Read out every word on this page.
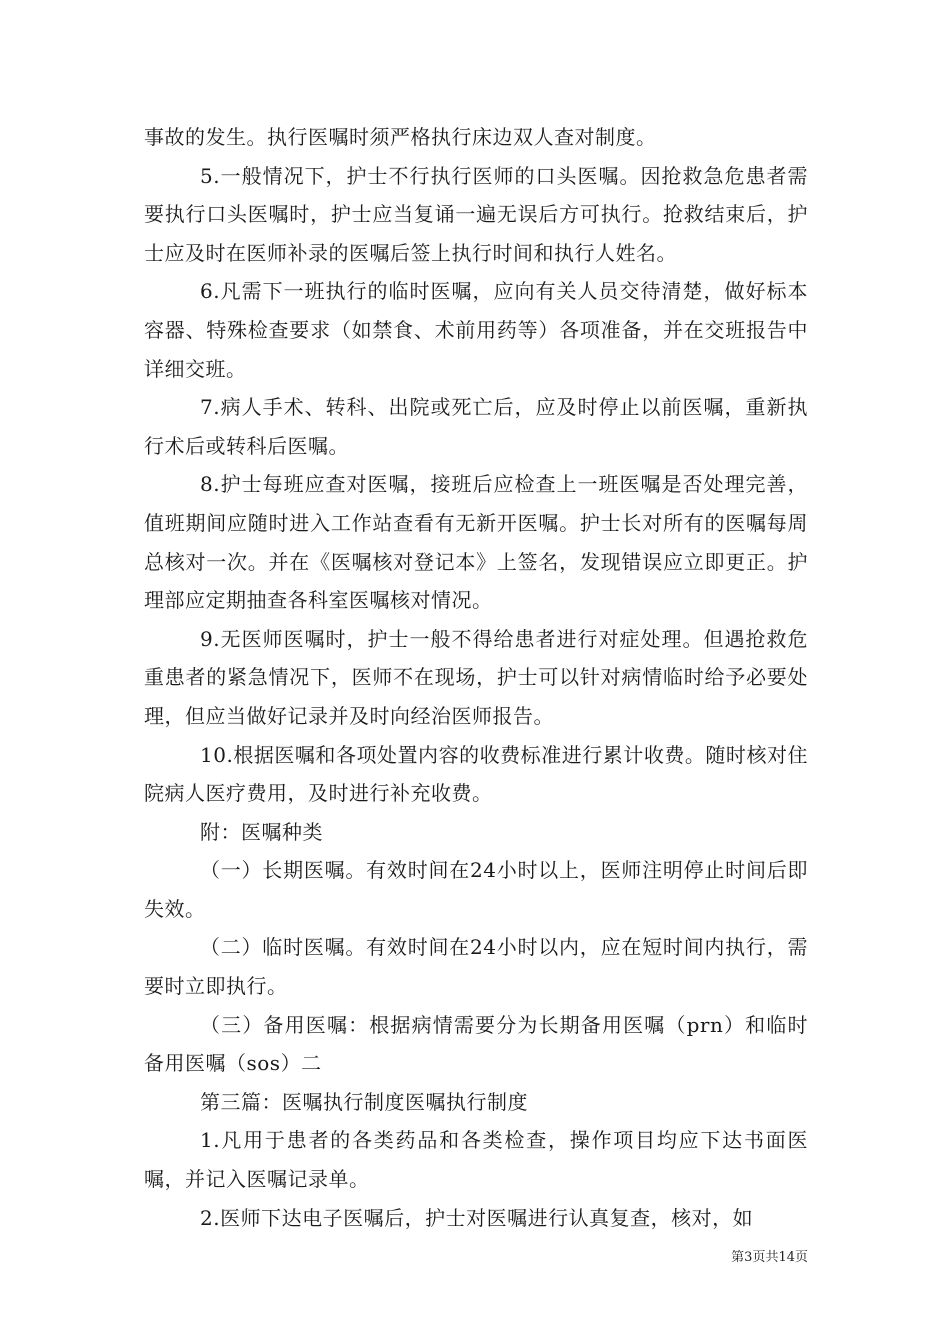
事故的发生。执行医嘱时须严格执行床边双人查对制度。

5.一般情况下，护士不行执行医师的口头医嘱。因抢救急危患者需要执行口头医嘱时，护士应当复诵一遍无误后方可执行。抢救结束后，护士应及时在医师补录的医嘱后签上执行时间和执行人姓名。

6.凡需下一班执行的临时医嘱，应向有关人员交待清楚，做好标本容器、特殊检查要求（如禁食、术前用药等）各项准备，并在交班报告中详细交班。

7.病人手术、转科、出院或死亡后，应及时停止以前医嘱，重新执行术后或转科后医嘱。

8.护士每班应查对医嘱，接班后应检查上一班医嘱是否处理完善，值班期间应随时进入工作站查看有无新开医嘱。护士长对所有的医嘱每周总核对一次。并在《医嘱核对登记本》上签名，发现错误应立即更正。护理部应定期抽查各科室医嘱核对情况。

9.无医师医嘱时，护士一般不得给患者进行对症处理。但遇抢救危重患者的紧急情况下，医师不在现场，护士可以针对病情临时给予必要处理，但应当做好记录并及时向经治医师报告。

10.根据医嘱和各项处置内容的收费标准进行累计收费。随时核对住院病人医疗费用，及时进行补充收费。

附：医嘱种类

（一）长期医嘱。有效时间在24小时以上，医师注明停止时间后即失效。

（二）临时医嘱。有效时间在24小时以内，应在短时间内执行，需要时立即执行。

（三）备用医嘱：根据病情需要分为长期备用医嘱（prn）和临时备用医嘱（sos）二

第三篇：医嘱执行制度医嘱执行制度

1.凡用于患者的各类药品和各类检查，操作项目均应下达书面医嘱，并记入医嘱记录单。

2.医师下达电子医嘱后，护士对医嘱进行认真复查，核对，如

第3页共14页
